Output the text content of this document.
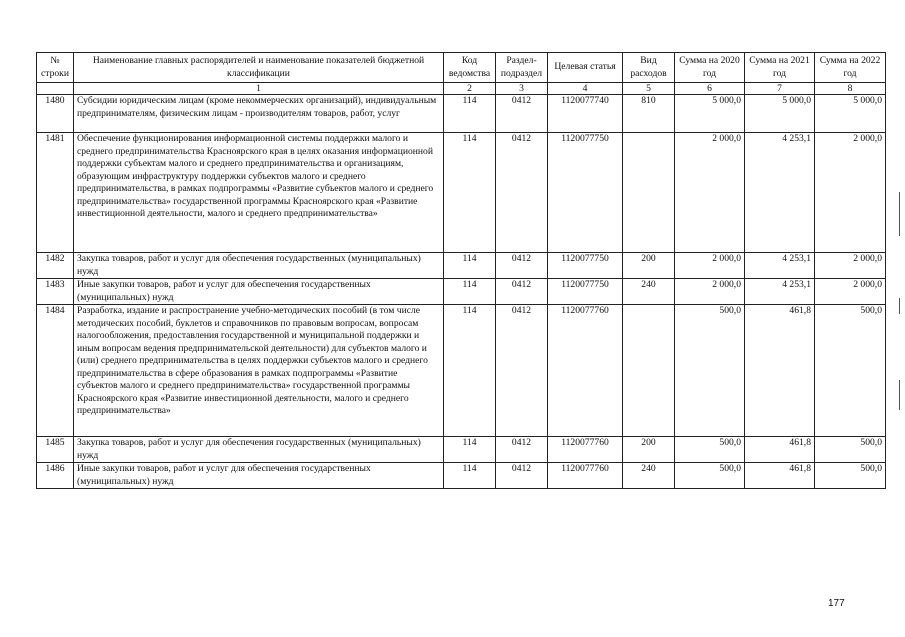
№ строки	Наименование главных распорядителей и наименование показателей бюджетной классификации	Код ведомства	Раздел-подраздел	Целевая статья	Вид расходов	Сумма на 2020 год	Сумма на 2021 год	Сумма на 2022 год
	1	2	3	4	5	6	7	8
1480	Субсидии юридическим лицам (кроме некоммерческих организаций), индивидуальным предпринимателям, физическим лицам - производителям товаров, работ, услуг	114	0412	1120077740	810	5 000,0	5 000,0	5 000,0
1481	Обеспечение функционирования информационной системы поддержки малого и среднего предпринимательства Красноярского края в целях оказания информационной поддержки субъектам малого и среднего предпринимательства и организациям, образующим инфраструктуру поддержки субъектов малого и среднего предпринимательства, в рамках подпрограммы «Развитие субъектов малого и среднего предпринимательства» государственной программы Красноярского края «Развитие инвестиционной деятельности, малого и среднего предпринимательства»	114	0412	1120077750		2 000,0	4 253,1	2 000,0
1482	Закупка товаров, работ и услуг для обеспечения государственных (муниципальных) нужд	114	0412	1120077750	200	2 000,0	4 253,1	2 000,0
1483	Иные закупки товаров, работ и услуг для обеспечения государственных (муниципальных) нужд	114	0412	1120077750	240	2 000,0	4 253,1	2 000,0
1484	Разработка, издание и распространение учебно-методических пособий (в том числе методических пособий, буклетов и справочников по правовым вопросам, вопросам налогообложения, предоставления государственной и муниципальной поддержки и иным вопросам ведения предпринимательской деятельности) для субъектов малого и (или) среднего предпринимательства в целях поддержки субъектов малого и среднего предпринимательства в сфере образования в рамках подпрограммы «Развитие субъектов малого и среднего предпринимательства» государственной программы Красноярского края «Развитие инвестиционной деятельности, малого и среднего предпринимательства»	114	0412	1120077760		500,0	461,8	500,0
1485	Закупка товаров, работ и услуг для обеспечения государственных (муниципальных) нужд	114	0412	1120077760	200	500,0	461,8	500,0
1486	Иные закупки товаров, работ и услуг для обеспечения государственных (муниципальных) нужд	114	0412	1120077760	240	500,0	461,8	500,0
177
